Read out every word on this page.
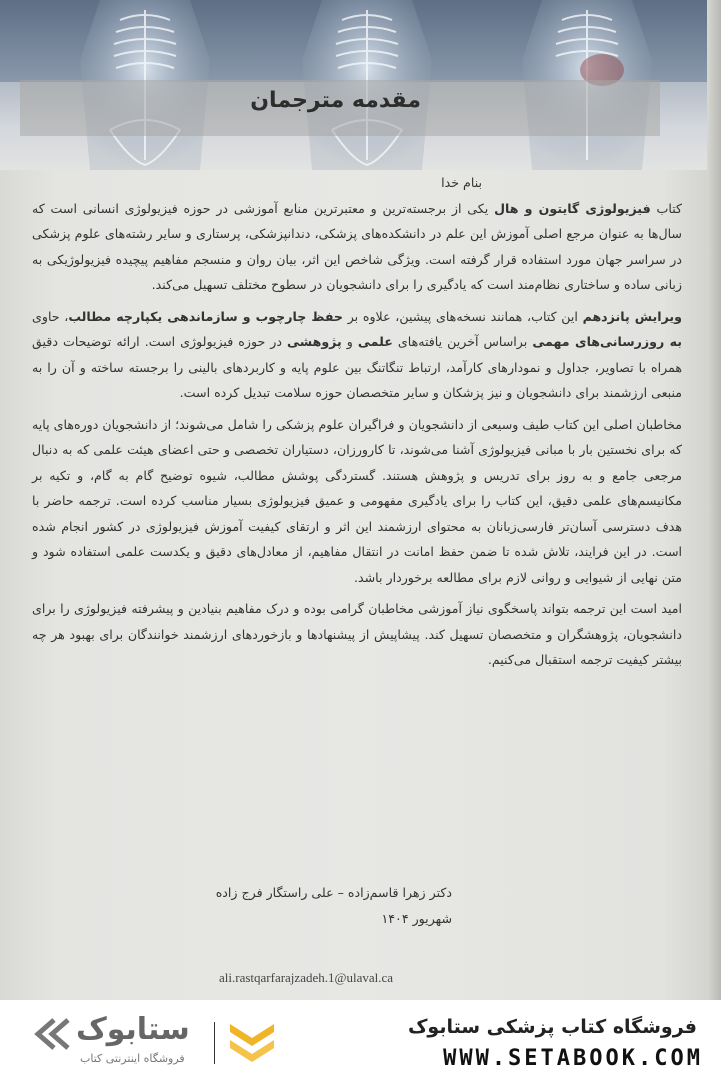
مقدمه مترجمان

بنام خدا

کتاب فیزیولوژی گایتون و هال یکی از برجسته‌ترین و معتبرترین منابع آموزشی در حوزه فیزیولوژی انسانی است که سال‌ها به عنوان مرجع اصلی آموزش این علم در دانشکده‌های پزشکی، دندانپزشکی، پرستاری و سایر رشته‌های علوم پزشکی در سراسر جهان مورد استفاده قرار گرفته است. ویژگی شاخص این اثر، بیان روان و منسجم مفاهیم پیچیده فیزیولوژیکی به زبانی ساده و ساختاری نظام‌مند است که یادگیری را برای دانشجویان در سطوح مختلف تسهیل می‌کند.

ویرایش پانزدهم این کتاب، همانند نسخه‌های پیشین، علاوه بر حفظ چارچوب و سازماندهی یکپارچه مطالب، حاوی به روزرسانی‌های مهمی براساس آخرین یافته‌های علمی و پژوهشی در حوزه فیزیولوژی است. ارائه توضیحات دقیق همراه با تصاویر، جداول و نمودارهای کارآمد، ارتباط تنگاتنگ بین علوم پایه و کاربردهای بالینی را برجسته ساخته و آن را به منبعی ارزشمند برای دانشجویان و نیز پزشکان و سایر متخصصان حوزه سلامت تبدیل کرده است.

مخاطبان اصلی این کتاب طیف وسیعی از دانشجویان و فراگیران علوم پزشکی را شامل می‌شوند؛ از دانشجویان دوره‌های پایه که برای نخستین بار با مبانی فیزیولوژی آشنا می‌شوند، تا کارورزان، دستیاران تخصصی و حتی اعضای هیئت علمی که به دنبال مرجعی جامع و به روز برای تدریس و پژوهش هستند. گستردگی پوشش مطالب، شیوه توضیح گام به گام، و تکیه بر مکانیسم‌های علمی دقیق، این کتاب را برای یادگیری مفهومی و عمیق فیزیولوژی بسیار مناسب کرده است. ترجمه حاضر با هدف دسترسی آسان‌تر فارسی‌زبانان به محتوای ارزشمند این اثر و ارتقای کیفیت آموزش فیزیولوژی در کشور انجام شده است. در این فرایند، تلاش شده تا ضمن حفظ امانت در انتقال مفاهیم، از معادل‌های دقیق و یکدست علمی استفاده شود و متن نهایی از شیوایی و روانی لازم برای مطالعه برخوردار باشد.

امید است این ترجمه بتواند پاسخگوی نیاز آموزشی مخاطبان گرامی بوده و درک مفاهیم بنیادین و پیشرفته فیزیولوژی را برای دانشجویان، پژوهشگران و متخصصان تسهیل کند. پیشاپیش از پیشنهادها و بازخوردهای ارزشمند خوانندگان برای بهبود هر چه بیشتر کیفیت ترجمه استقبال می‌کنیم.

دکتر زهرا قاسم‌زاده – علی راستگار فرج زاده
شهریور ۱۴۰۴
ali.rastqarfarajzadeh.1@ulaval.ca
ستابوک
فروشگاه اینترنتی کتاب
فروشگاه کتاب پزشکی ستابوک
WWW.SETABOOK.COM
